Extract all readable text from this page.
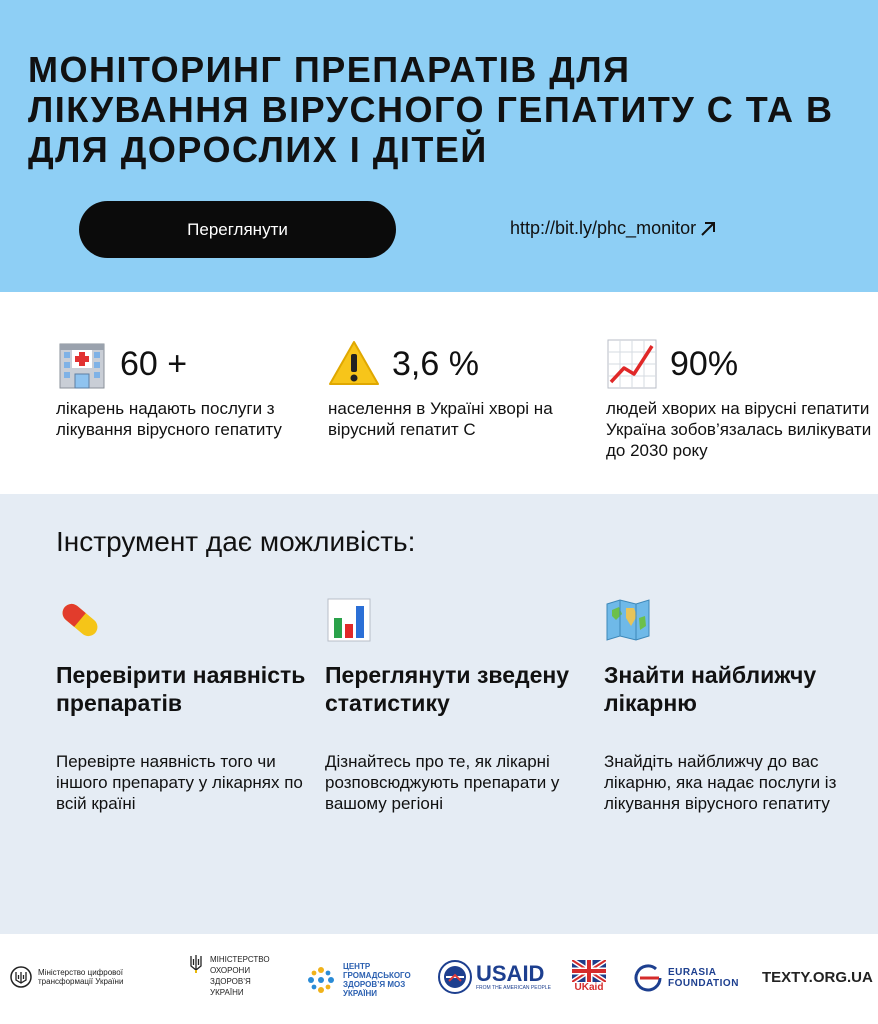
МОНІТОРИНГ ПРЕПАРАТІВ ДЛЯ
ЛІКУВАННЯ ВІРУСНОГО ГЕПАТИТУ С ТА В
ДЛЯ ДОРОСЛИХ І ДІТЕЙ
Переглянути	http://bit.ly/phc_monitor
60 +
лікарень надають послуги з лікування вірусного гепатиту
3,6 %
населення в Україні хворі на вірусний гепатит С
90%
людей хворих на вірусні гепатити Україна зобов’язалась вилікувати до 2030 року
Інструмент дає можливість:
Перевірити наявність препаратів
Перевірте наявність того чи іншого препарату у лікарнях по всій країні
Переглянути зведену статистику
Дізнайтесь про те, як лікарні розповсюджують препарати у вашому регіоні
Знайти найближчу лікарню
Знайдіть найближчу до вас лікарню, яка надає послуги із лікування вірусного гепатиту
Міністерство цифрової трансформації України
МІНІСТЕРСТВО ОХОРОНИ ЗДОРОВ’Я УКРАЇНИ
ЦЕНТР ГРОМАДСЬКОГО ЗДОРОВ’Я МОЗ УКРАЇНИ
USAID
FROM THE AMERICAN PEOPLE UKaid
EURASIA
FOUNDATION TEXTY.ORG.UA
